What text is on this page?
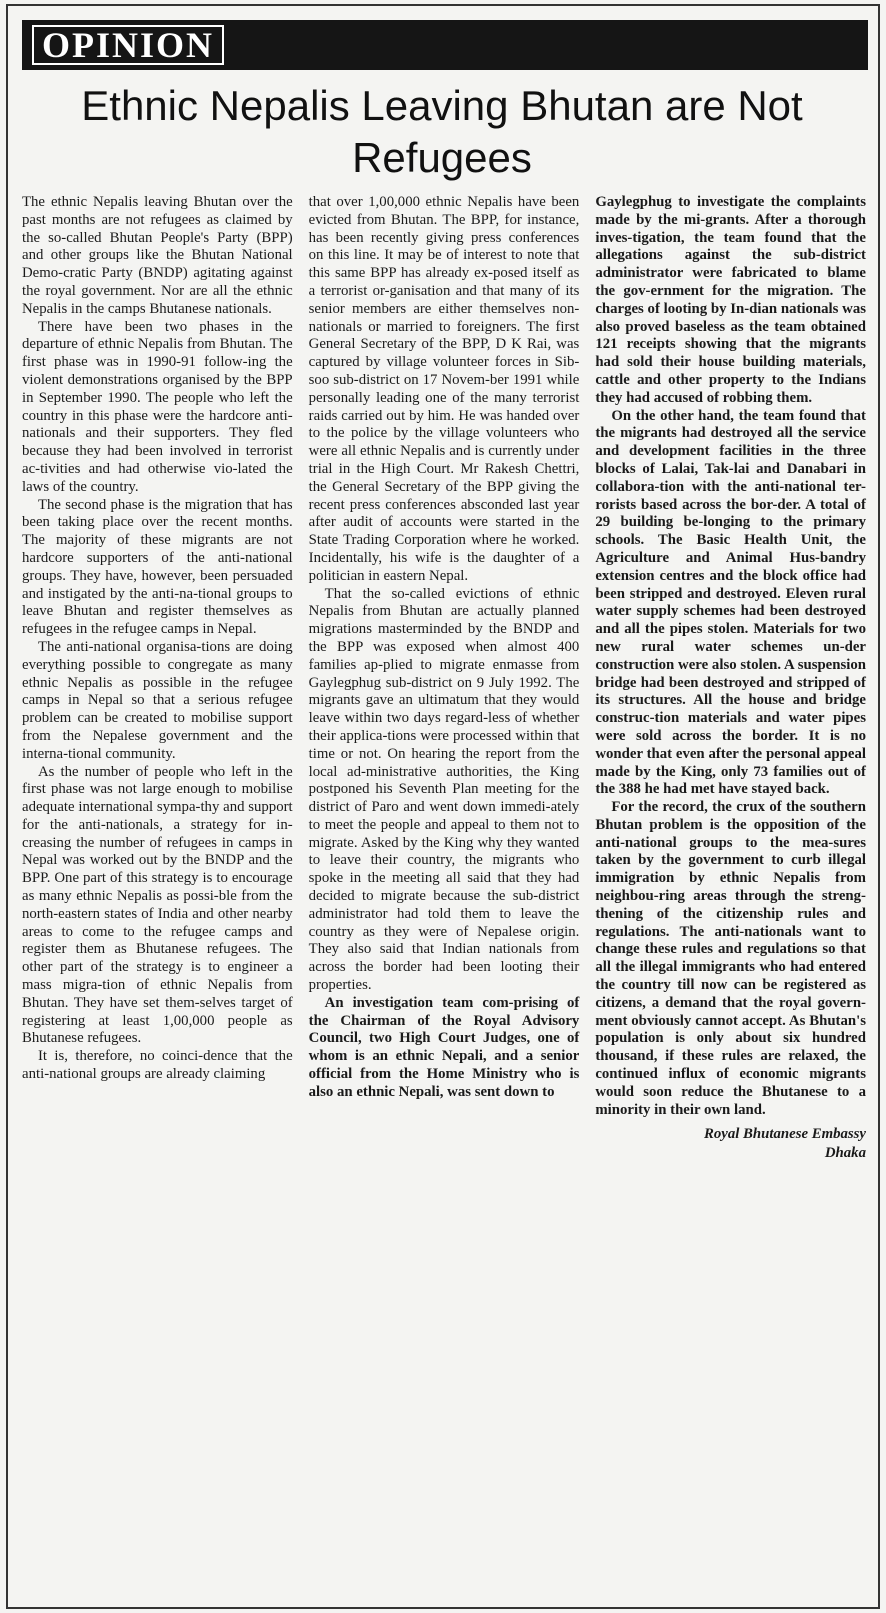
OPINION
Ethnic Nepalis Leaving Bhutan are Not Refugees

The ethnic Nepalis leaving Bhutan over the past months are not refugees as claimed by the so-called Bhutan People's Party (BPP) and other groups like the Bhutan National Demo-cratic Party (BNDP) agitating against the royal government. Nor are all the ethnic Nepalis in the camps Bhutanese nationals.

There have been two phases in the departure of ethnic Nepalis from Bhutan. The first phase was in 1990-91 follow-ing the violent demonstrations organised by the BPP in September 1990. The people who left the country in this phase were the hardcore anti-nationals and their supporters. They fled because they had been involved in terrorist ac-tivities and had otherwise vio-lated the laws of the country.

The second phase is the migration that has been taking place over the recent months. The majority of these migrants are not hardcore supporters of the anti-national groups. They have, however, been persuaded and instigated by the anti-na-tional groups to leave Bhutan and register themselves as refugees in the refugee camps in Nepal.

The anti-national organisa-tions are doing everything possible to congregate as many ethnic Nepalis as possible in the refugee camps in Nepal so that a serious refugee problem can be created to mobilise support from the Nepalese government and the interna-tional community.

As the number of people who left in the first phase was not large enough to mobilise adequate international sympa-thy and support for the anti-nationals, a strategy for in-creasing the number of refugees in camps in Nepal was worked out by the BNDP and the BPP. One part of this strategy is to encourage as many ethnic Nepalis as possi-ble from the north-eastern states of India and other nearby areas to come to the refugee camps and register them as Bhutanese refugees. The other part of the strategy is to engineer a mass migra-tion of ethnic Nepalis from Bhutan. They have set them-selves target of registering at least 1,00,000 people as Bhutanese refugees.

It is, therefore, no coinci-dence that the anti-national groups are already claiming

that over 1,00,000 ethnic Nepalis have been evicted from Bhutan. The BPP, for instance, has been recently giving press conferences on this line. It may be of interest to note that this same BPP has already ex-posed itself as a terrorist or-ganisation and that many of its senior members are either themselves non-nationals or married to foreigners. The first General Secretary of the BPP, D K Rai, was captured by village volunteer forces in Sib-soo sub-district on 17 Novem-ber 1991 while personally leading one of the many terrorist raids carried out by him. He was handed over to the police by the village volunteers who were all ethnic Nepalis and is currently under trial in the High Court. Mr Rakesh Chettri, the General Secretary of the BPP giving the recent press conferences absconded last year after audit of accounts were started in the State Trading Corporation where he worked. Incidentally, his wife is the daughter of a politician in eastern Nepal.

That the so-called evictions of ethnic Nepalis from Bhutan are actually planned migrations masterminded by the BNDP and the BPP was exposed when almost 400 families ap-plied to migrate enmasse from Gaylegphug sub-district on 9 July 1992. The migrants gave an ultimatum that they would leave within two days regard-less of whether their applica-tions were processed within that time or not. On hearing the report from the local ad-ministrative authorities, the King postponed his Seventh Plan meeting for the district of Paro and went down immedi-ately to meet the people and appeal to them not to migrate. Asked by the King why they wanted to leave their country, the migrants who spoke in the meeting all said that they had decided to migrate because the sub-district administrator had told them to leave the country as they were of Nepalese origin. They also said that Indian nationals from across the border had been looting their properties.

An investigation team com-prising of the Chairman of the Royal Advisory Council, two High Court Judges, one of whom is an ethnic Nepali, and a senior official from the Home Ministry who is also an ethnic Nepali, was sent down to

Gaylegphug to investigate the complaints made by the mi-grants. After a thorough inves-tigation, the team found that the allegations against the sub-district administrator were fabricated to blame the gov-ernment for the migration. The charges of looting by In-dian nationals was also proved baseless as the team obtained 121 receipts showing that the migrants had sold their house building materials, cattle and other property to the Indians they had accused of robbing them.

On the other hand, the team found that the migrants had destroyed all the service and development facilities in the three blocks of Lalai, Tak-lai and Danabari in collabora-tion with the anti-national ter-rorists based across the bor-der. A total of 29 building be-longing to the primary schools. The Basic Health Unit, the Agriculture and Animal Hus-bandry extension centres and the block office had been stripped and destroyed. Eleven rural water supply schemes had been destroyed and all the pipes stolen. Materials for two new rural water schemes un-der construction were also stolen. A suspension bridge had been destroyed and stripped of its structures. All the house and bridge construc-tion materials and water pipes were sold across the border. It is no wonder that even after the personal appeal made by the King, only 73 families out of the 388 he had met have stayed back.

For the record, the crux of the southern Bhutan problem is the opposition of the anti-national groups to the mea-sures taken by the government to curb illegal immigration by ethnic Nepalis from neighbou-ring areas through the streng-thening of the citizenship rules and regulations. The anti-nationals want to change these rules and regulations so that all the illegal immigrants who had entered the country till now can be registered as citizens, a demand that the royal govern-ment obviously cannot accept. As Bhutan's population is only about six hundred thousand, if these rules are relaxed, the continued influx of economic migrants would soon reduce the Bhutanese to a minority in their own land.

Royal Bhutanese Embassy
Dhaka
